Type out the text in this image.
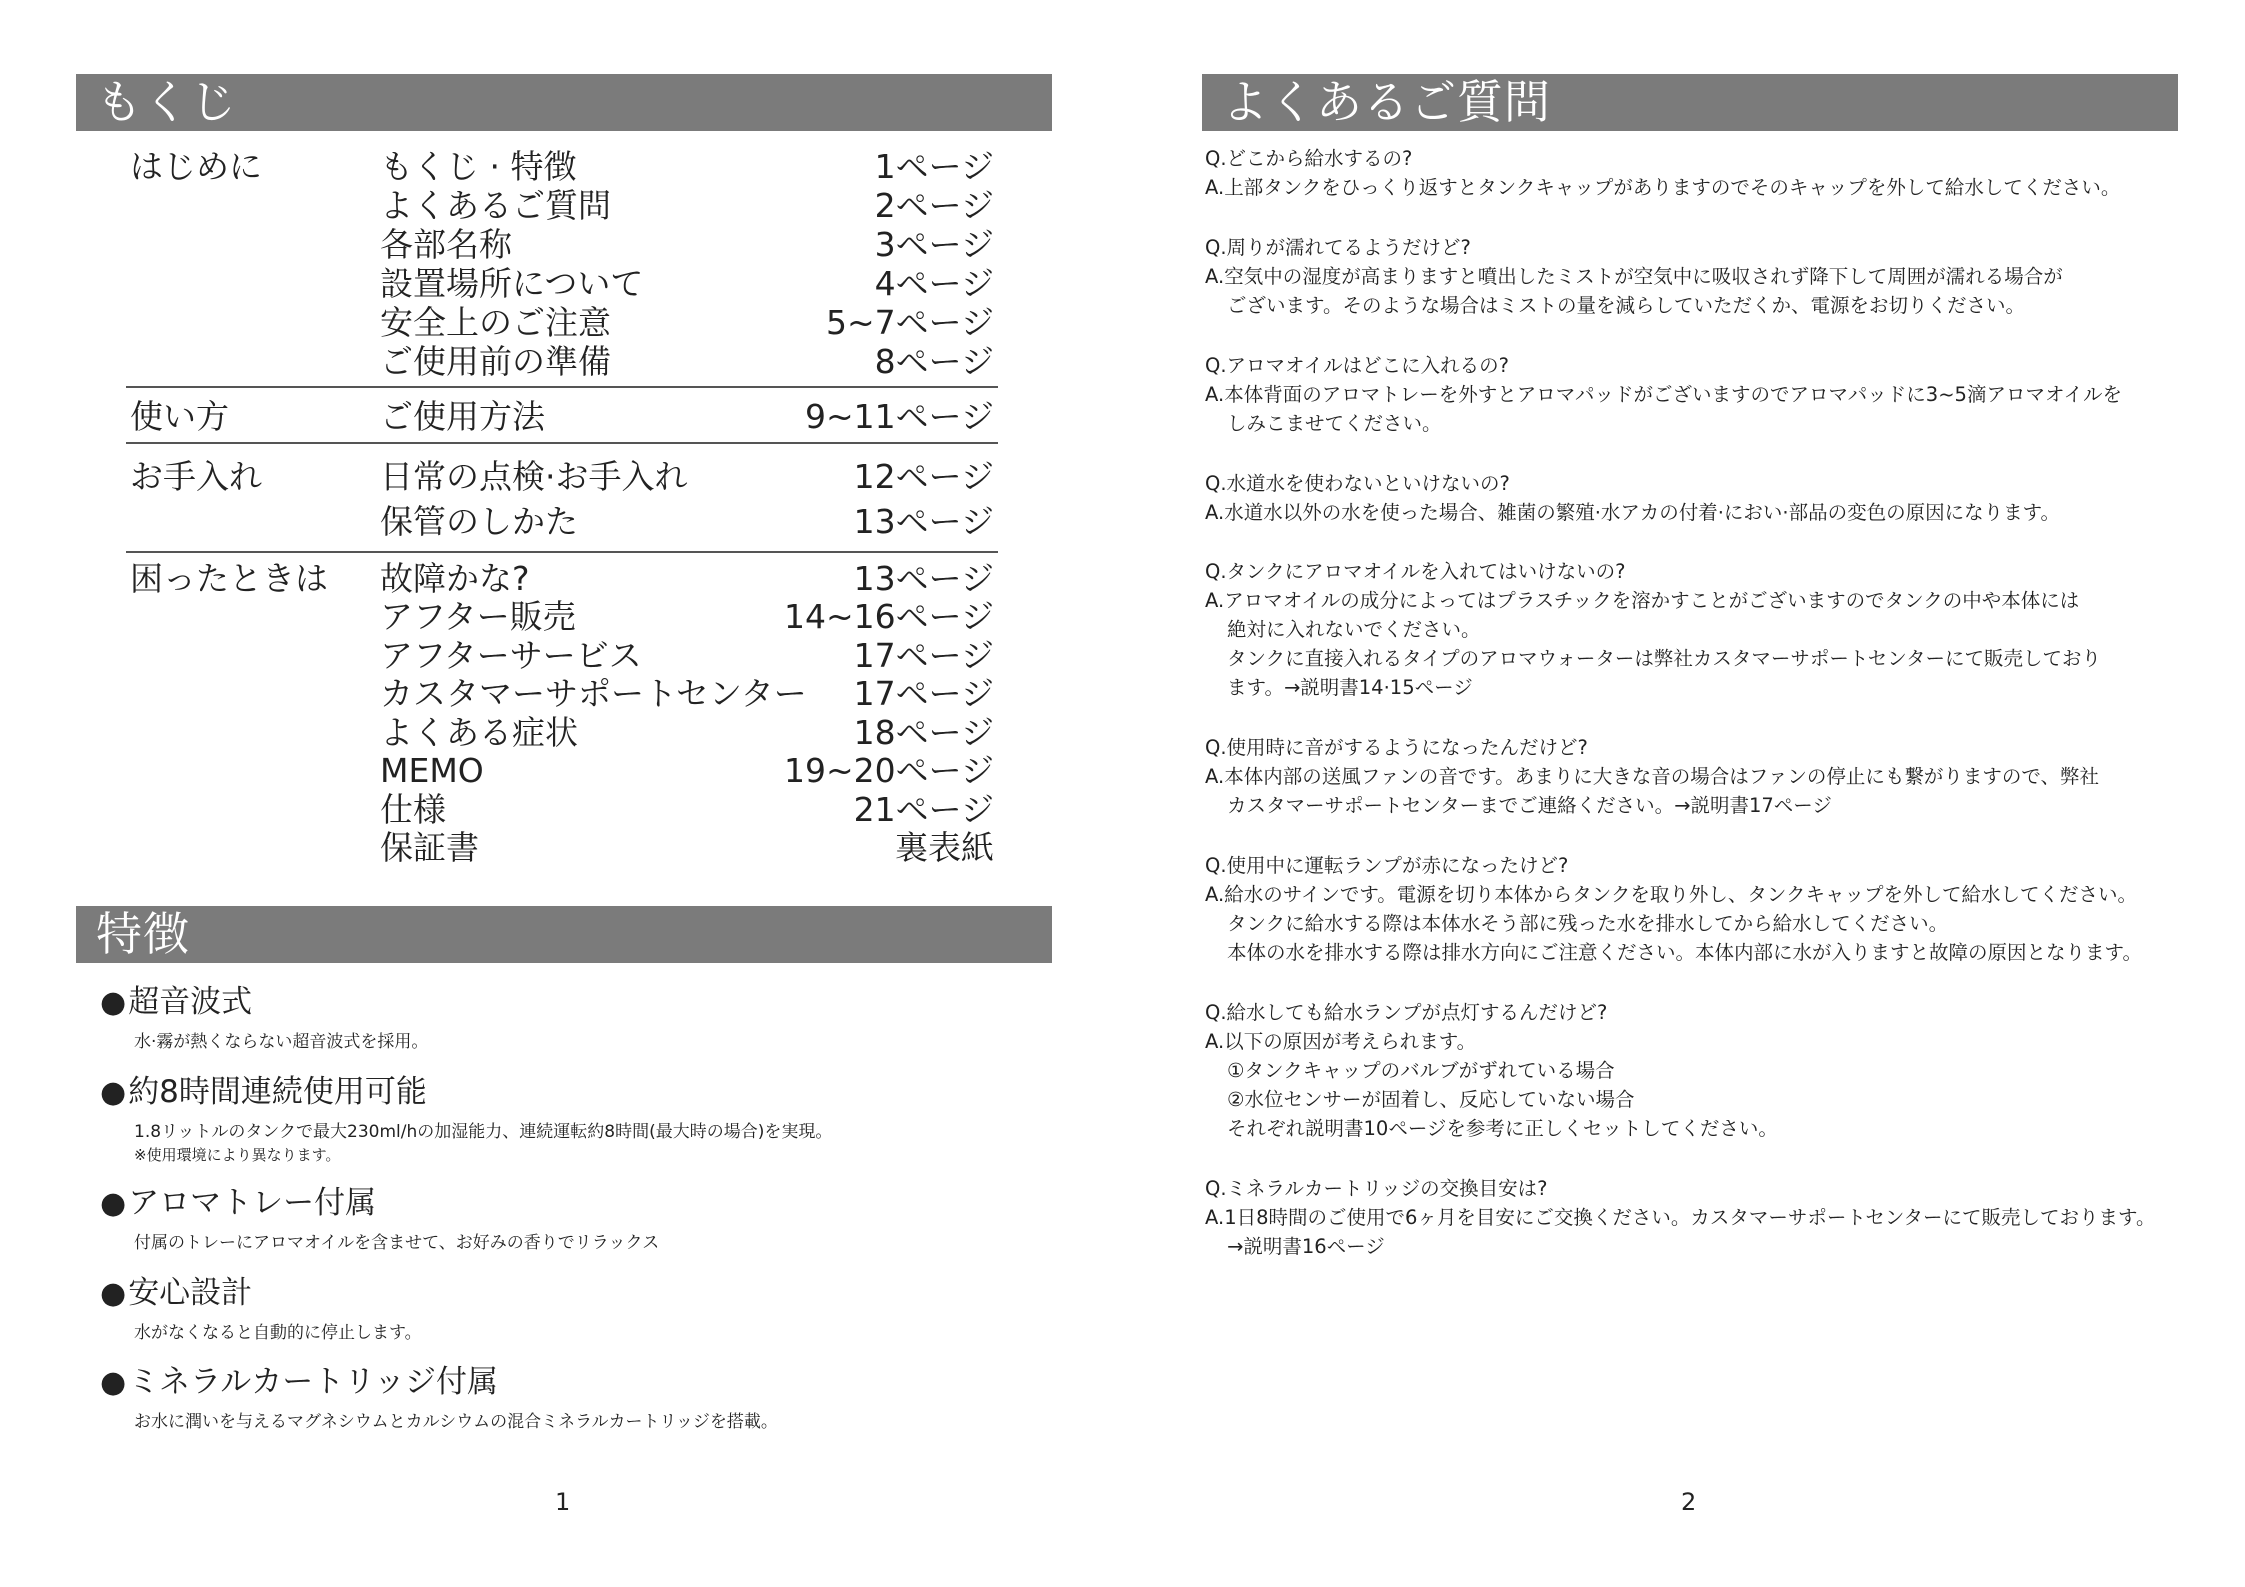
もくじ
はじめに	もくじ · 特徴	1ページ
よくあるご質問	2ページ
各部名称	3ページ
設置場所について	4ページ
安全上のご注意	5~7ページ
ご使用前の準備	8ページ
使い方	ご使用方法	9~11ページ
お手入れ	日常の点検·お手入れ	12ページ
保管のしかた	13ページ
困ったときは 故障かな?	13ページ
アフター販売	14~16ページ
アフターサービス	17ページ
カスタマーサポートセンター 17ページ
よくある症状	18ページ
MEMO	19~20ページ
仕様	21ページ
保証書	裏表紙
特徴
●超音波式
水·霧が熱くならない超音波式を採用。
●約8時間連続使用可能
1.8リットルのタンクで最大230ml/hの加湿能力、連続運転約8時間(最大時の場合)を実現。
※使用環境により異なります。
●アロマトレー付属
付属のトレーにアロマオイルを含ませて、お好みの香りでリラックス
●安心設計
水がなくなると自動的に停止します。
●ミネラルカートリッジ付属
お水に潤いを与えるマグネシウムとカルシウムの混合ミネラルカートリッジを搭載。
1
よくあるご質問
Q.どこから給水するの?
A.上部タンクをひっくり返すとタンクキャップがありますのでそのキャップを外して給水してください。
Q.周りが濡れてるようだけど?
A.空気中の湿度が高まりますと噴出したミストが空気中に吸収されず降下して周囲が濡れる場合が
ございます。そのような場合はミストの量を減らしていただくか、電源をお切りください。
Q.アロマオイルはどこに入れるの?
A.本体背面のアロマトレーを外すとアロマパッドがございますのでアロマパッドに3~5滴アロマオイルを
しみこませてください。
Q.水道水を使わないといけないの?
A.水道水以外の水を使った場合、雑菌の繁殖·水アカの付着·におい·部品の変色の原因になります。
Q.タンクにアロマオイルを入れてはいけないの?
A.アロマオイルの成分によってはプラスチックを溶かすことがございますのでタンクの中や本体には
絶対に入れないでください。
タンクに直接入れるタイプのアロマウォーターは弊社カスタマーサポートセンターにて販売しており
ます。→説明書14·15ページ
Q.使用時に音がするようになったんだけど?
A.本体内部の送風ファンの音です。あまりに大きな音の場合はファンの停止にも繋がりますので、弊社
カスタマーサポートセンターまでご連絡ください。→説明書17ページ
Q.使用中に運転ランプが赤になったけど?
A.給水のサインです。電源を切り本体からタンクを取り外し、タンクキャップを外して給水してください。
タンクに給水する際は本体水そう部に残った水を排水してから給水してください。
本体の水を排水する際は排水方向にご注意ください。本体内部に水が入りますと故障の原因となります。
Q.給水しても給水ランプが点灯するんだけど?
A.以下の原因が考えられます。
①タンクキャップのバルブがずれている場合
②水位センサーが固着し、反応していない場合
それぞれ説明書10ページを参考に正しくセットしてください。
Q.ミネラルカートリッジの交換目安は?
A.1日8時間のご使用で6ヶ月を目安にご交換ください。カスタマーサポートセンターにて販売しております。
→説明書16ページ
2
